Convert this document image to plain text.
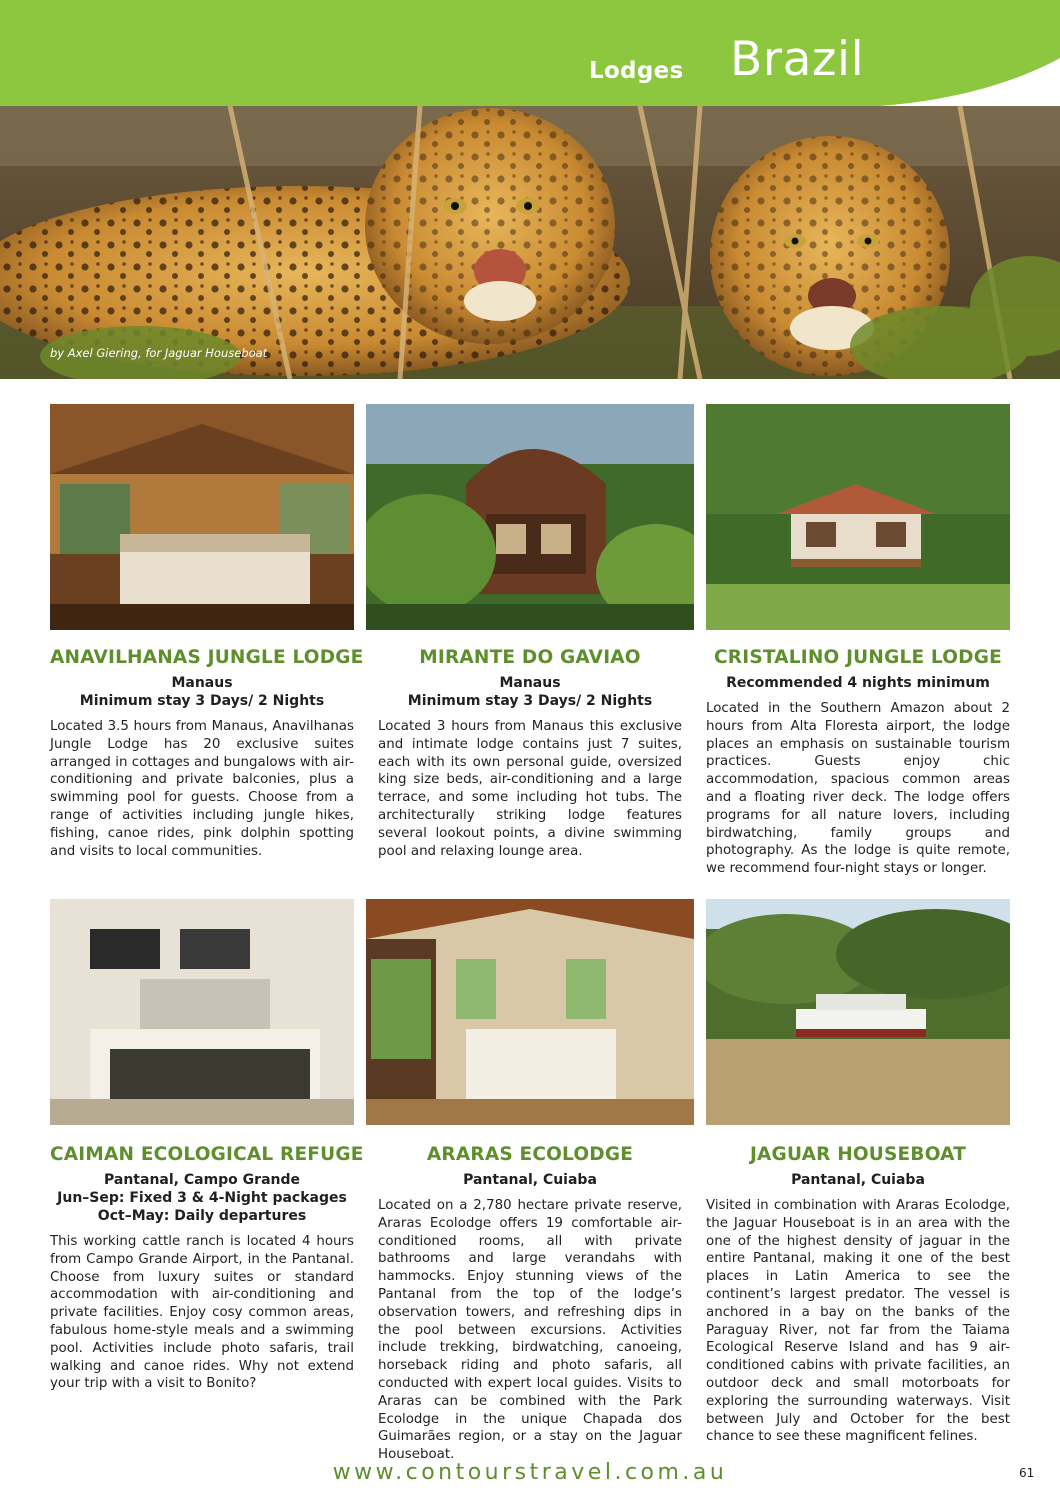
Lodges Brazil
by Axel Giering, for Jaguar Houseboat
ANAVILHANAS JUNGLE LODGE
Manaus
Minimum stay 3 Days/ 2 Nights
Located 3.5 hours from Manaus, Anavilhanas Jungle Lodge has 20 exclusive suites arranged in cottages and bungalows with air-conditioning and private balconies, plus a swimming pool for guests. Choose from a range of activities including jungle hikes, fishing, canoe rides, pink dolphin spotting and visits to local communities.
MIRANTE DO GAVIAO
Manaus
Minimum stay 3 Days/ 2 Nights
Located 3 hours from Manaus this exclusive and intimate lodge contains just 7 suites, each with its own personal guide, oversized king size beds, air-conditioning and a large terrace, and some including hot tubs. The architecturally striking lodge features several lookout points, a divine swimming pool and relaxing lounge area.
CRISTALINO JUNGLE LODGE
Recommended 4 nights minimum
Located in the Southern Amazon about 2 hours from Alta Floresta airport, the lodge places an emphasis on sustainable tourism practices. Guests enjoy chic accommodation, spacious common areas and a floating river deck. The lodge offers programs for all nature lovers, including birdwatching, family groups and photography. As the lodge is quite remote, we recommend four-night stays or longer.
CAIMAN ECOLOGICAL REFUGE
Pantanal, Campo Grande
Jun–Sep: Fixed 3 & 4-Night packages
Oct–May: Daily departures
This working cattle ranch is located 4 hours from Campo Grande Airport, in the Pantanal. Choose from luxury suites or standard accommodation with air-conditioning and private facilities. Enjoy cosy common areas, fabulous home-style meals and a swimming pool. Activities include photo safaris, trail walking and canoe rides. Why not extend your trip with a visit to Bonito?
ARARAS ECOLODGE
Pantanal, Cuiaba
Located on a 2,780 hectare private reserve, Araras Ecolodge offers 19 comfortable air-conditioned rooms, all with private bathrooms and large verandahs with hammocks. Enjoy stunning views of the Pantanal from the top of the lodge’s observation towers, and refreshing dips in the pool between excursions. Activities include trekking, birdwatching, canoeing, horseback riding and photo safaris, all conducted with expert local guides. Visits to Araras can be combined with the Park Ecolodge in the unique Chapada dos Guimarães region, or a stay on the Jaguar Houseboat.
JAGUAR HOUSEBOAT
Pantanal, Cuiaba
Visited in combination with Araras Ecolodge, the Jaguar Houseboat is in an area with the one of the highest density of jaguar in the entire Pantanal, making it one of the best places in Latin America to see the continent’s largest predator. The vessel is anchored in a bay on the banks of the Paraguay River, not far from the Taiama Ecological Reserve Island and has 9 air-conditioned cabins with private facilities, an outdoor deck and small motorboats for exploring the surrounding waterways. Visit between July and October for the best chance to see these magnificent felines.
www.contourstravel.com.au	61
